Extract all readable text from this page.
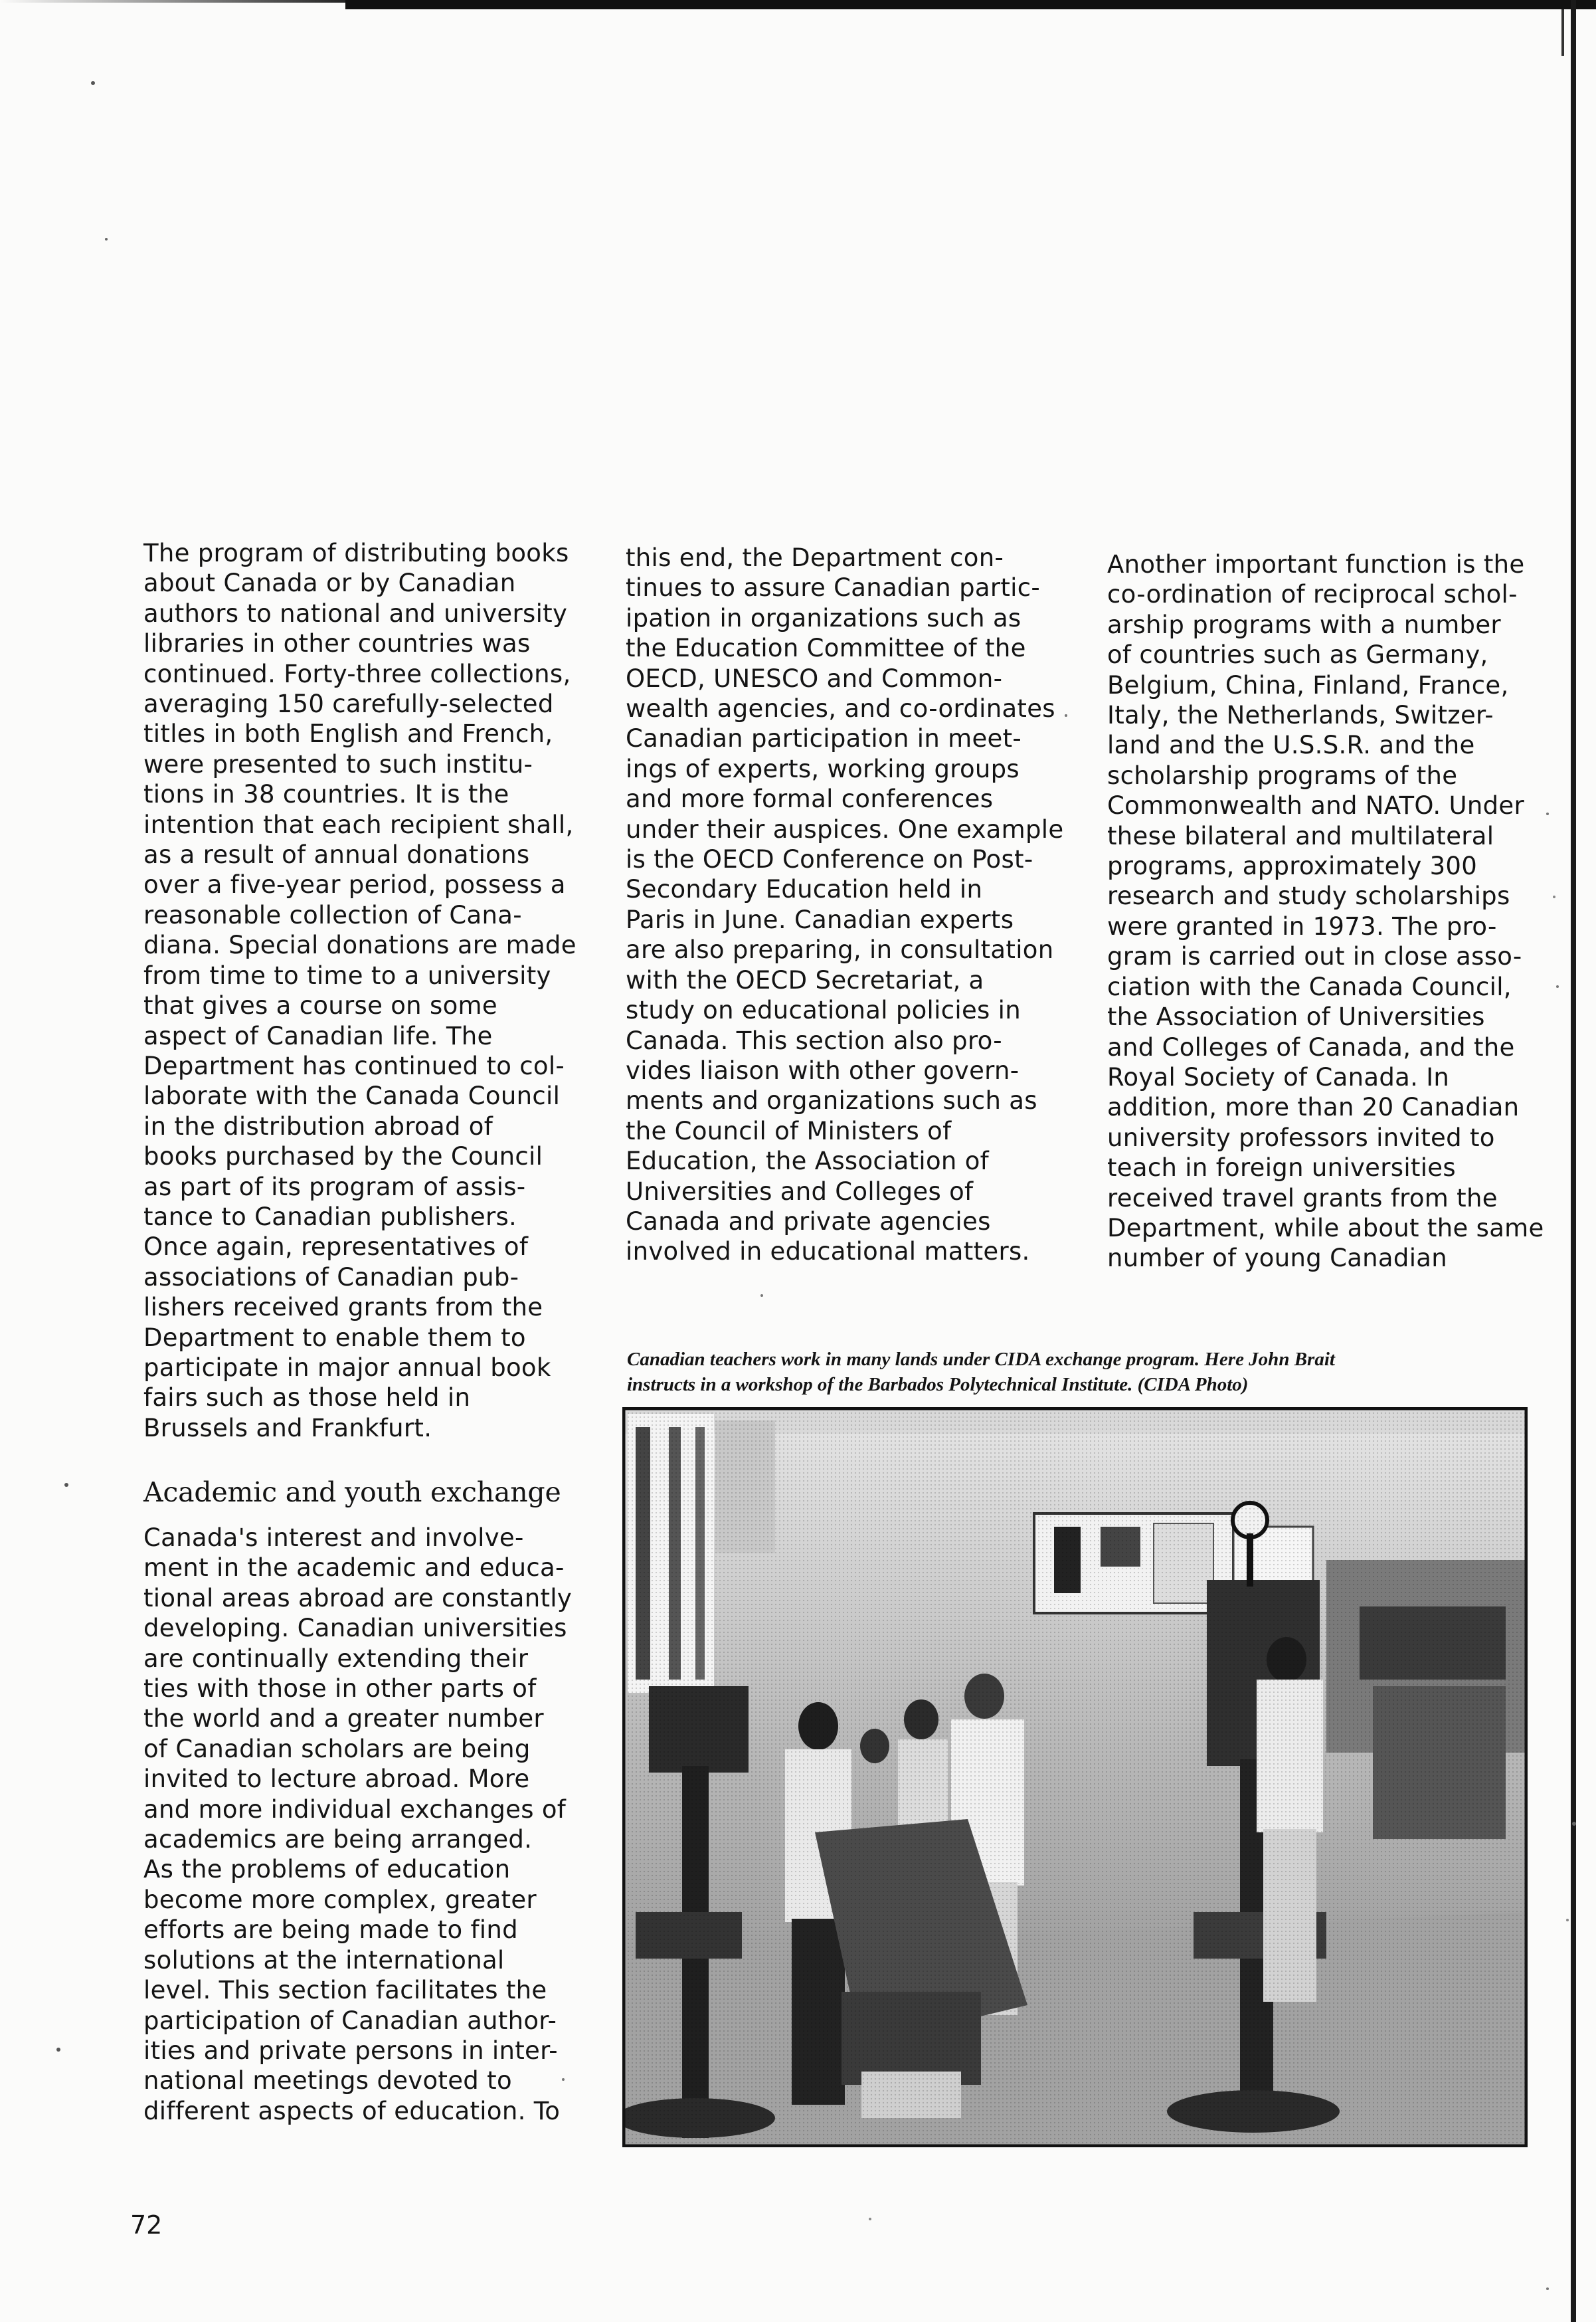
The program of distributing books
about Canada or by Canadian
authors to national and university
libraries in other countries was
continued. Forty-three collections,
averaging 150 carefully-selected
titles in both English and French,
were presented to such institu-
tions in 38 countries. It is the
intention that each recipient shall,
as a result of annual donations
over a five-year period, possess a
reasonable collection of Cana-
diana. Special donations are made
from time to time to a university
that gives a course on some
aspect of Canadian life. The
Department has continued to col-
laborate with the Canada Council
in the distribution abroad of
books purchased by the Council
as part of its program of assis-
tance to Canadian publishers.
Once again, representatives of
associations of Canadian pub-
lishers received grants from the
Department to enable them to
participate in major annual book
fairs such as those held in
Brussels and Frankfurt.
Academic and youth exchange
Canada's interest and involve-
ment in the academic and educa-
tional areas abroad are constantly
developing. Canadian universities
are continually extending their
ties with those in other parts of
the world and a greater number
of Canadian scholars are being
invited to lecture abroad. More
and more individual exchanges of
academics are being arranged.
As the problems of education
become more complex, greater
efforts are being made to find
solutions at the international
level. This section facilitates the
participation of Canadian author-
ities and private persons in inter-
national meetings devoted to
different aspects of education. To
this end, the Department con-
tinues to assure Canadian partic-
ipation in organizations such as
the Education Committee of the
OECD, UNESCO and Common-
wealth agencies, and co-ordinates
Canadian participation in meet-
ings of experts, working groups
and more formal conferences
under their auspices. One example
is the OECD Conference on Post-
Secondary Education held in
Paris in June. Canadian experts
are also preparing, in consultation
with the OECD Secretariat, a
study on educational policies in
Canada. This section also pro-
vides liaison with other govern-
ments and organizations such as
the Council of Ministers of
Education, the Association of
Universities and Colleges of
Canada and private agencies
involved in educational matters.
Another important function is the
co-ordination of reciprocal schol-
arship programs with a number
of countries such as Germany,
Belgium, China, Finland, France,
Italy, the Netherlands, Switzer-
land and the U.S.S.R. and the
scholarship programs of the
Commonwealth and NATO. Under
these bilateral and multilateral
programs, approximately 300
research and study scholarships
were granted in 1973. The pro-
gram is carried out in close asso-
ciation with the Canada Council,
the Association of Universities
and Colleges of Canada, and the
Royal Society of Canada. In
addition, more than 20 Canadian
university professors invited to
teach in foreign universities
received travel grants from the
Department, while about the same
number of young Canadian
Canadian teachers work in many lands under CIDA exchange program. Here John Brait
instructs in a workshop of the Barbados Polytechnical Institute. (CIDA Photo)
72
